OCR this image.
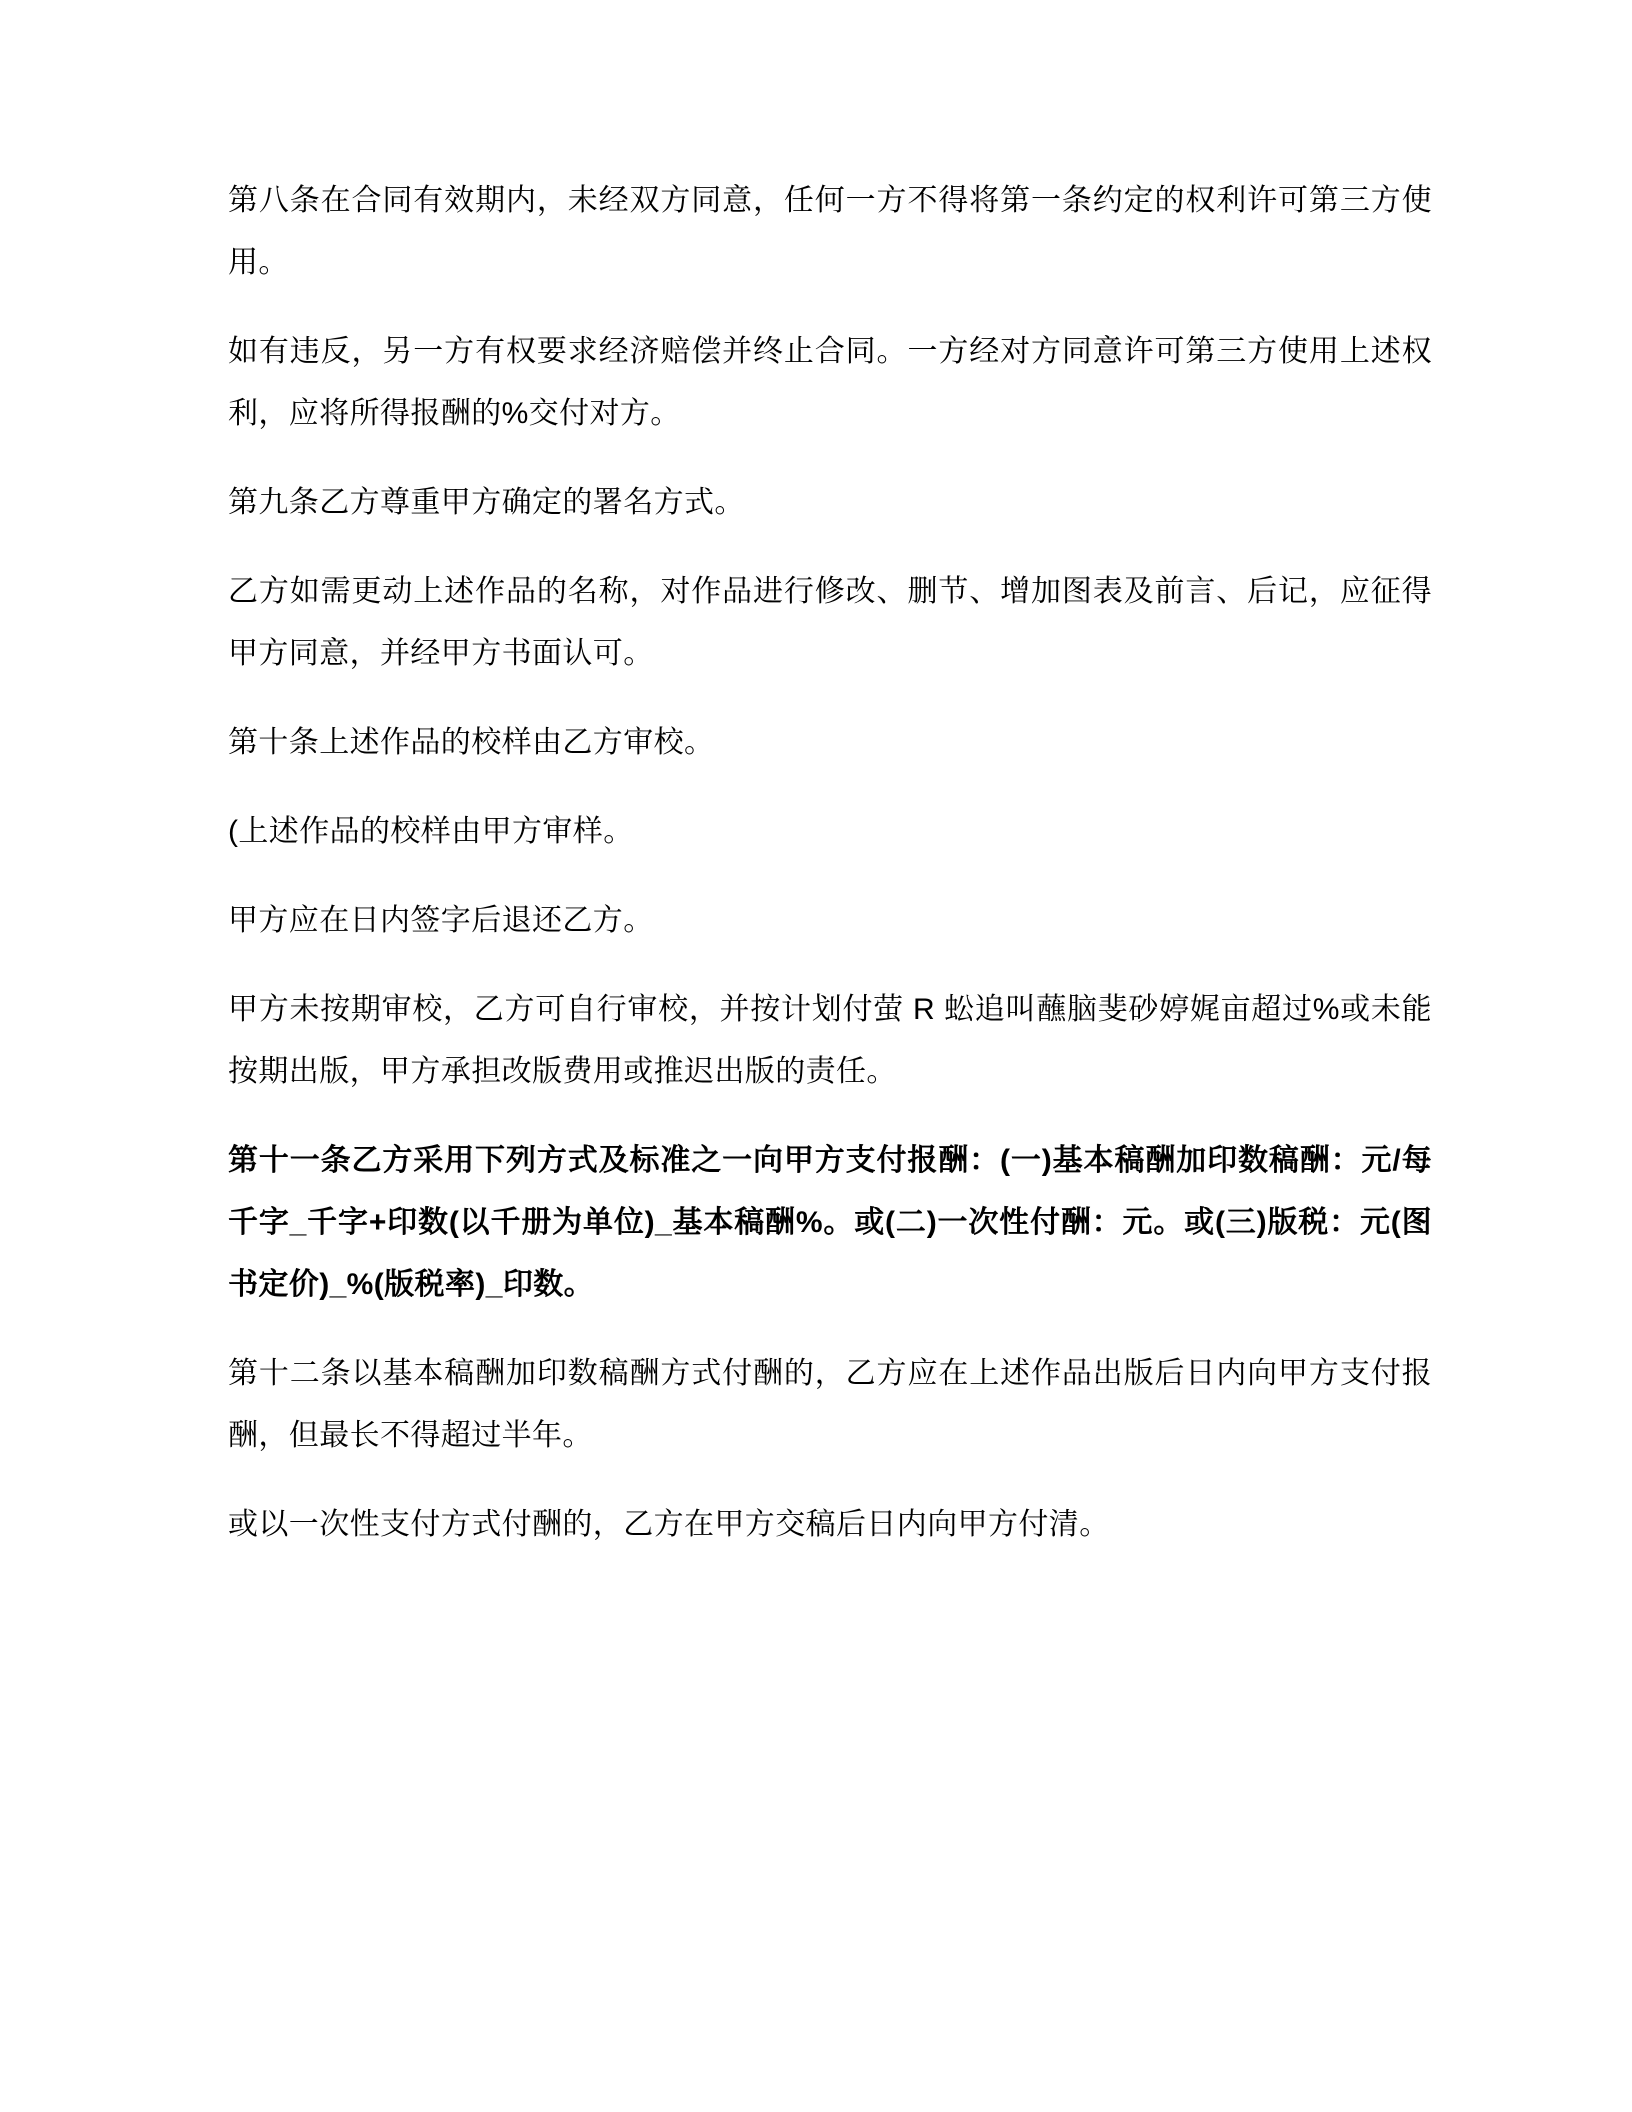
第八条在合同有效期内，未经双方同意，任何一方不得将第一条约定的权利许可第三方使用。

如有违反，另一方有权要求经济赔偿并终止合同。一方经对方同意许可第三方使用上述权利，应将所得报酬的%交付对方。

第九条乙方尊重甲方确定的署名方式。

乙方如需更动上述作品的名称，对作品进行修改、删节、增加图表及前言、后记，应征得甲方同意，并经甲方书面认可。

第十条上述作品的校样由乙方审校。

(上述作品的校样由甲方审样。

甲方应在日内签字后退还乙方。

甲方未按期审校，乙方可自行审校，并按计划付萤 R 蚣追叫蘸脑斐砂婷娓亩超过%或未能按期出版，甲方承担改版费用或推迟出版的责任。

第十一条乙方采用下列方式及标准之一向甲方支付报酬：(一)基本稿酬加印数稿酬：元/每千字_千字+印数(以千册为单位)_基本稿酬%。或(二)一次性付酬：元。或(三)版税：元(图书定价)_%(版税率)_印数。

第十二条以基本稿酬加印数稿酬方式付酬的，乙方应在上述作品出版后日内向甲方支付报酬，但最长不得超过半年。

或以一次性支付方式付酬的，乙方在甲方交稿后日内向甲方付清。
